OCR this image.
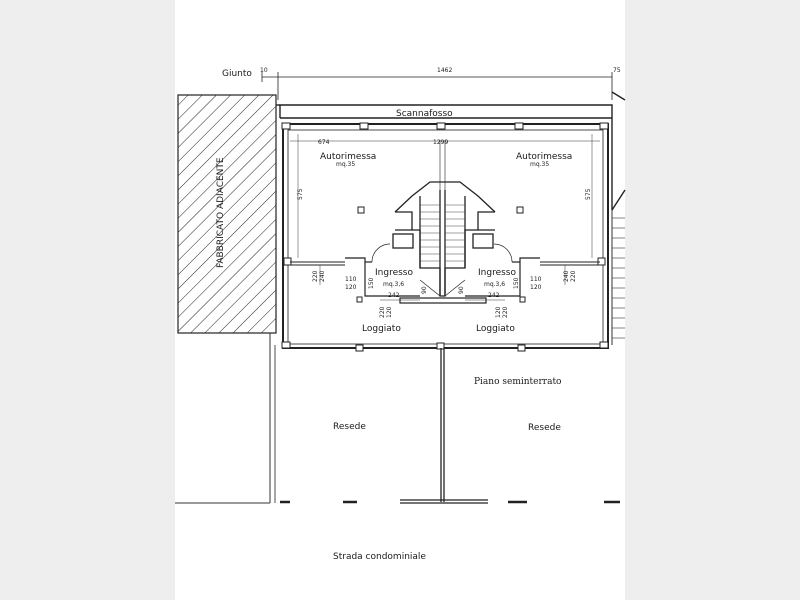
Giunto 10	1462	75
Scannafosso
FABBRICATO ADIACENTE
674	1299
Autorimessa
mq.35
Autorimessa
mq.35
575	575
220 240	240 220
110
120 150	110
120
150
Ingresso
mq.3,6
Ingresso
mq.3,6
90	90
242	242
220 120	120 220
Loggiato	Loggiato
Piano seminterrato
Resede	Resede
Strada condominiale
